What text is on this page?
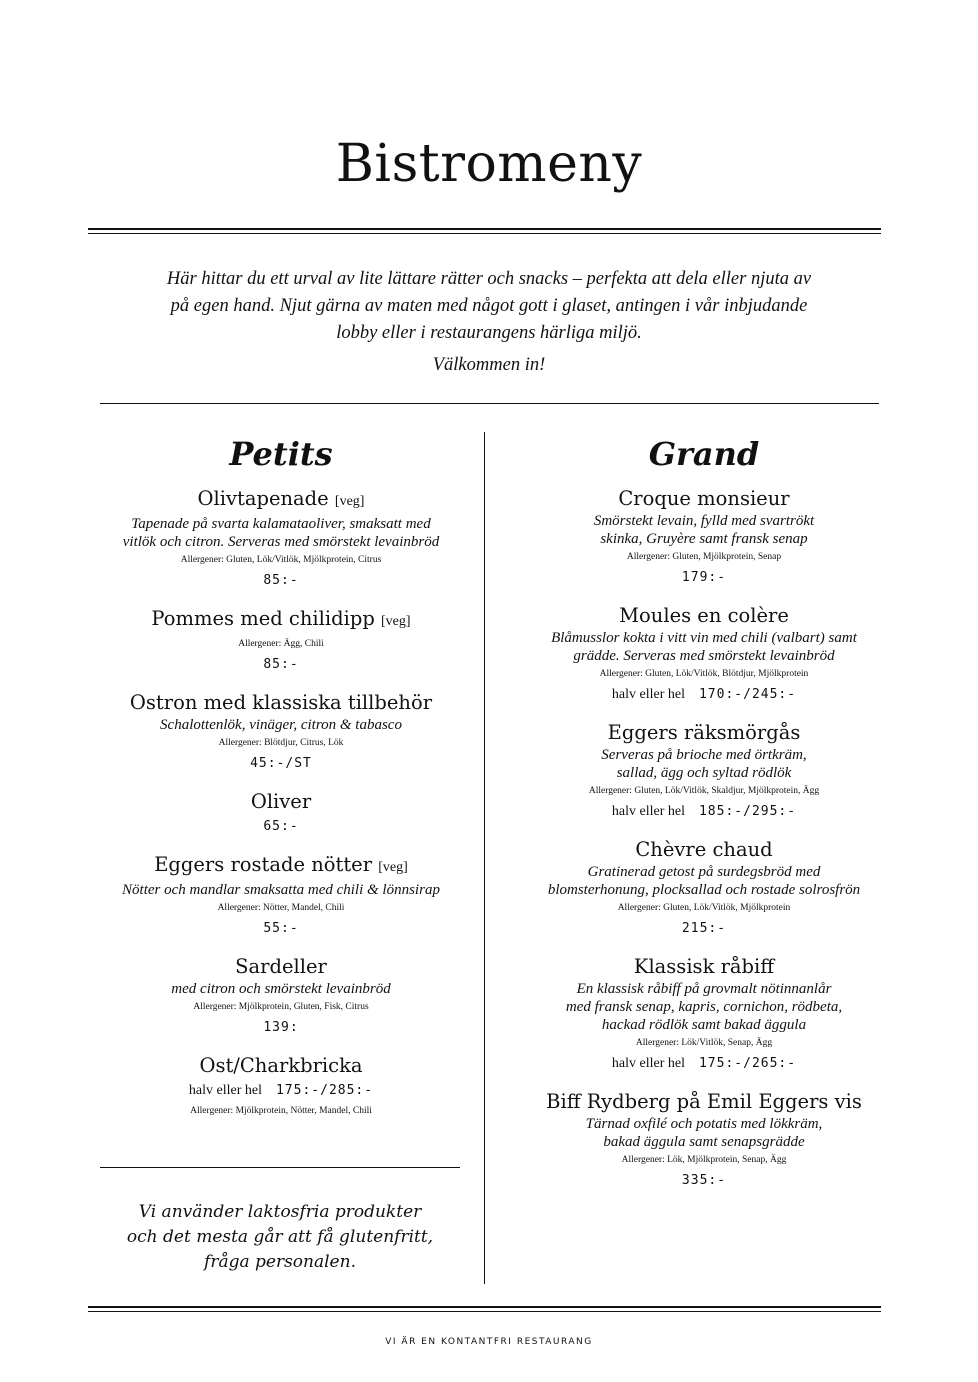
Bistromeny

Här hittar du ett urval av lite lättare rätter och snacks – perfekta att dela eller njuta av på egen hand. Njut gärna av maten med något gott i glaset, antingen i vår inbjudande lobby eller i restaurangens härliga miljö.

Välkommen in!

Petits
Olivtapenade [veg]
Tapenade på svarta kalamataoliver, smaksatt med
vitlök och citron. Serveras med smörstekt levainbröd
Allergener: Gluten, Lök/Vitlök, Mjölkprotein, Citrus
85:-
Pommes med chilidipp [veg]
Allergener: Ägg, Chili
85:-
Ostron med klassiska tillbehör
Schalottenlök, vinäger, citron & tabasco
Allergener: Blötdjur, Citrus, Lök
45:-/ST
Oliver
65:-
Eggers rostade nötter [veg]
Nötter och mandlar smaksatta med chili & lönnsirap
Allergener: Nötter, Mandel, Chili
55:-
Sardeller
med citron och smörstekt levainbröd
Allergener: Mjölkprotein, Gluten, Fisk, Citrus
139:
Ost/Charkbricka
halv eller hel 175:-/285:-
Allergener: Mjölkprotein, Nötter, Mandel, Chili
Grand
Croque monsieur
Smörstekt levain, fylld med svartrökt
skinka, Gruyère samt fransk senap
Allergener: Gluten, Mjölkprotein, Senap
179:-
Moules en colère
Blåmusslor kokta i vitt vin med chili (valbart) samt
grädde. Serveras med smörstekt levainbröd
Allergener: Gluten, Lök/Vitlök, Blötdjur, Mjölkprotein
halv eller hel 170:-/245:-
Eggers räksmörgås
Serveras på brioche med örtkräm,
sallad, ägg och syltad rödlök
Allergener: Gluten, Lök/Vitlök, Skaldjur, Mjölkprotein, Ägg
halv eller hel 185:-/295:-
Chèvre chaud
Gratinerad getost på surdegsbröd med
blomsterhonung, plocksallad och rostade solrosfrön
Allergener: Gluten, Lök/Vitlök, Mjölkprotein
215:-
Klassisk råbiff
En klassisk råbiff på grovmalt nötinnanlår
med fransk senap, kapris, cornichon, rödbeta,
hackad rödlök samt bakad äggula
Allergener: Lök/Vitlök, Senap, Ägg
halv eller hel 175:-/265:-
Biff Rydberg på Emil Eggers vis
Tärnad oxfilé och potatis med lökkräm,
bakad äggula samt senapsgrädde
Allergener: Lök, Mjölkprotein, Senap, Ägg
335:-

Vi använder laktosfria produkter
och det mesta går att få glutenfritt,
fråga personalen.

VI ÄR EN KONTANTFRI RESTAURANG
